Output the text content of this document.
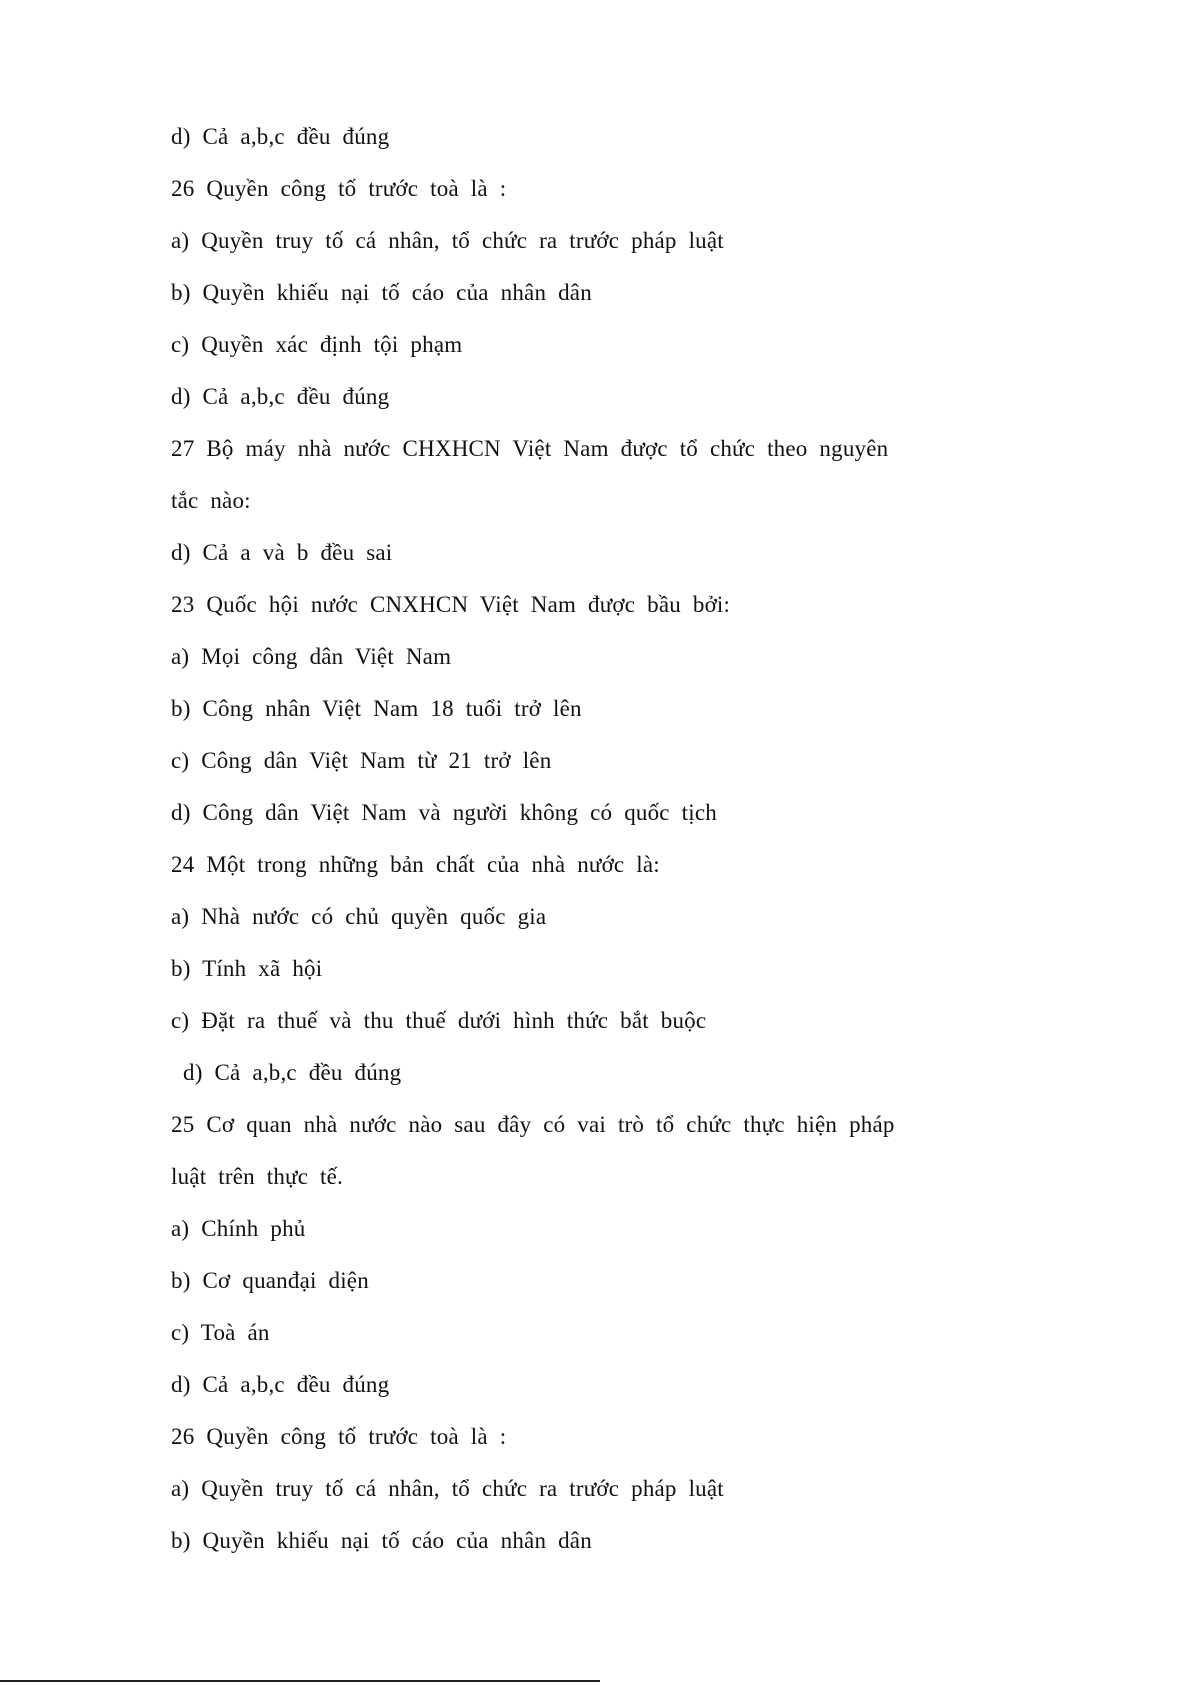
d) Cả a,b,c đều đúng
26 Quyền công tố trước toà là :
a) Quyền truy tố cá nhân, tổ chức ra trước pháp luật
b) Quyền khiếu nại tố cáo của nhân dân
c) Quyền xác định tội phạm
d) Cả a,b,c đều đúng
27 Bộ máy nhà nước CHXHCN Việt Nam được tổ chức theo nguyên
tắc nào:
d) Cả a và b đều sai
23 Quốc hội nước CNXHCN Việt Nam được bầu bởi:
a) Mọi công dân Việt Nam
b) Công nhân Việt Nam 18 tuổi trở lên
c) Công dân Việt Nam từ 21 trở lên
d) Công dân Việt Nam và người không có quốc tịch
24 Một trong những bản chất của nhà nước là:
a) Nhà nước có chủ quyền quốc gia
b) Tính xã hội
c) Đặt ra thuế và thu thuế dưới hình thức bắt buộc
d) Cả a,b,c đều đúng
25 Cơ quan nhà nước nào sau đây có vai trò tổ chức thực hiện pháp
luật trên thực tế.
a) Chính phủ
b) Cơ quanđại diện
c) Toà án
d) Cả a,b,c đều đúng
26 Quyền công tố trước toà là :
a) Quyền truy tố cá nhân, tổ chức ra trước pháp luật
b) Quyền khiếu nại tố cáo của nhân dân
